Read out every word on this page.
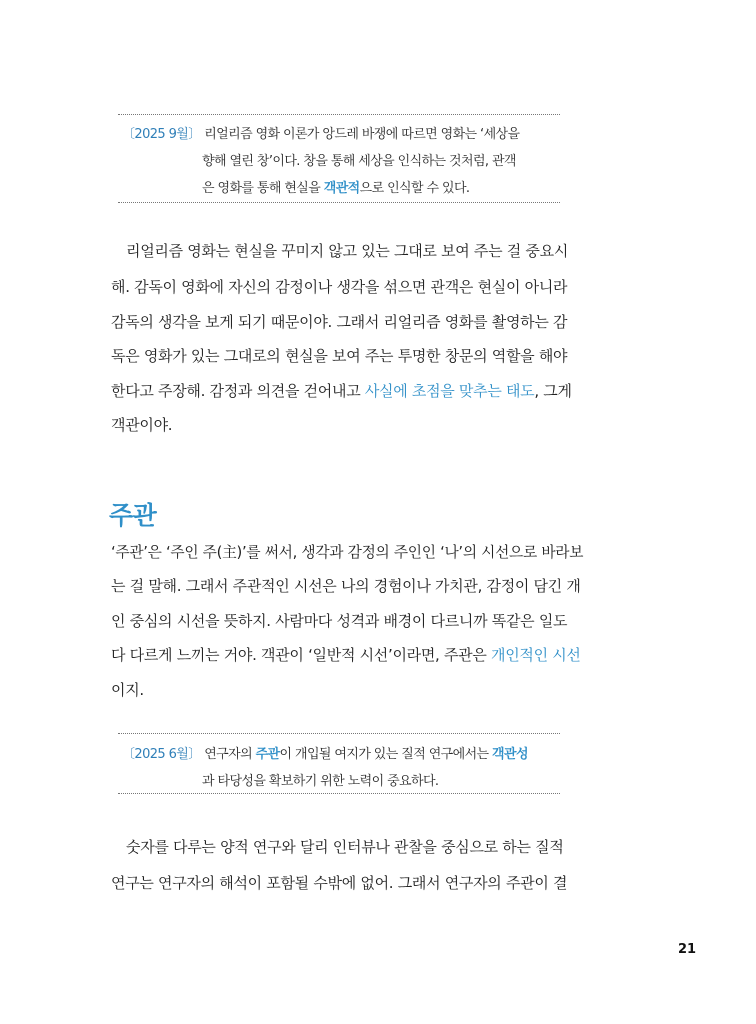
〔2025 9월〕 리얼리즘 영화 이론가 앙드레 바쟁에 따르면 영화는 ‘세상을
향해 열린 창’이다. 창을 통해 세상을 인식하는 것처럼, 관객
은 영화를 통해 현실을 객관적으로 인식할 수 있다.
리얼리즘 영화는 현실을 꾸미지 않고 있는 그대로 보여 주는 걸 중요시
해. 감독이 영화에 자신의 감정이나 생각을 섞으면 관객은 현실이 아니라
감독의 생각을 보게 되기 때문이야. 그래서 리얼리즘 영화를 촬영하는 감
독은 영화가 있는 그대로의 현실을 보여 주는 투명한 창문의 역할을 해야
한다고 주장해. 감정과 의견을 걷어내고 사실에 초점을 맞추는 태도, 그게
객관이야.
주관
‘주관’은 ‘주인 주(主)’를 써서, 생각과 감정의 주인인 ‘나’의 시선으로 바라보
는 걸 말해. 그래서 주관적인 시선은 나의 경험이나 가치관, 감정이 담긴 개
인 중심의 시선을 뜻하지. 사람마다 성격과 배경이 다르니까 똑같은 일도
다 다르게 느끼는 거야. 객관이 ‘일반적 시선’이라면, 주관은 개인적인 시선
이지.
〔2025 6월〕 연구자의 주관이 개입될 여지가 있는 질적 연구에서는 객관성
과 타당성을 확보하기 위한 노력이 중요하다.
숫자를 다루는 양적 연구와 달리 인터뷰나 관찰을 중심으로 하는 질적
연구는 연구자의 해석이 포함될 수밖에 없어. 그래서 연구자의 주관이 결
21
